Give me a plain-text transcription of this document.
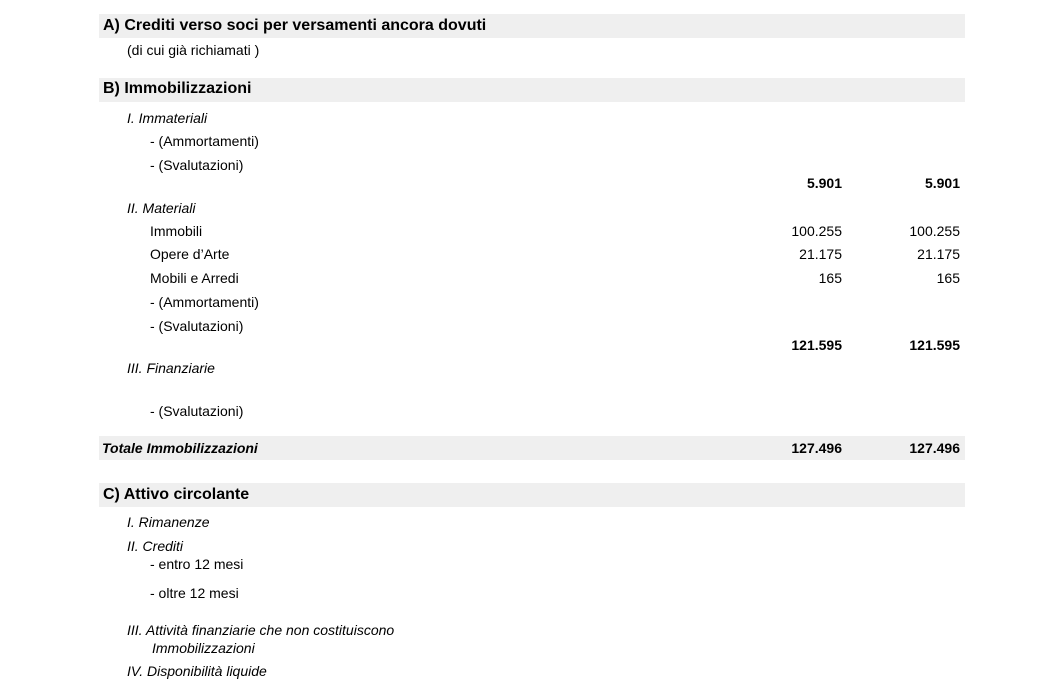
A) Crediti verso soci per versamenti ancora dovuti
(di cui già richiamati )
B) Immobilizzazioni
I. Immateriali
- (Ammortamenti)
- (Svalutazioni)
5.901	5.901
II. Materiali
Immobili	100.255	100.255
Opere d’Arte	21.175	21.175
Mobili e Arredi	165	165
- (Ammortamenti)
- (Svalutazioni)
121.595	121.595
III. Finanziarie
- (Svalutazioni)
Totale Immobilizzazioni	127.496	127.496
C) Attivo circolante
I. Rimanenze
II. Crediti
- entro 12 mesi
- oltre 12 mesi
III. Attività finanziarie che non costituiscono
Immobilizzazioni
IV. Disponibilità liquide
